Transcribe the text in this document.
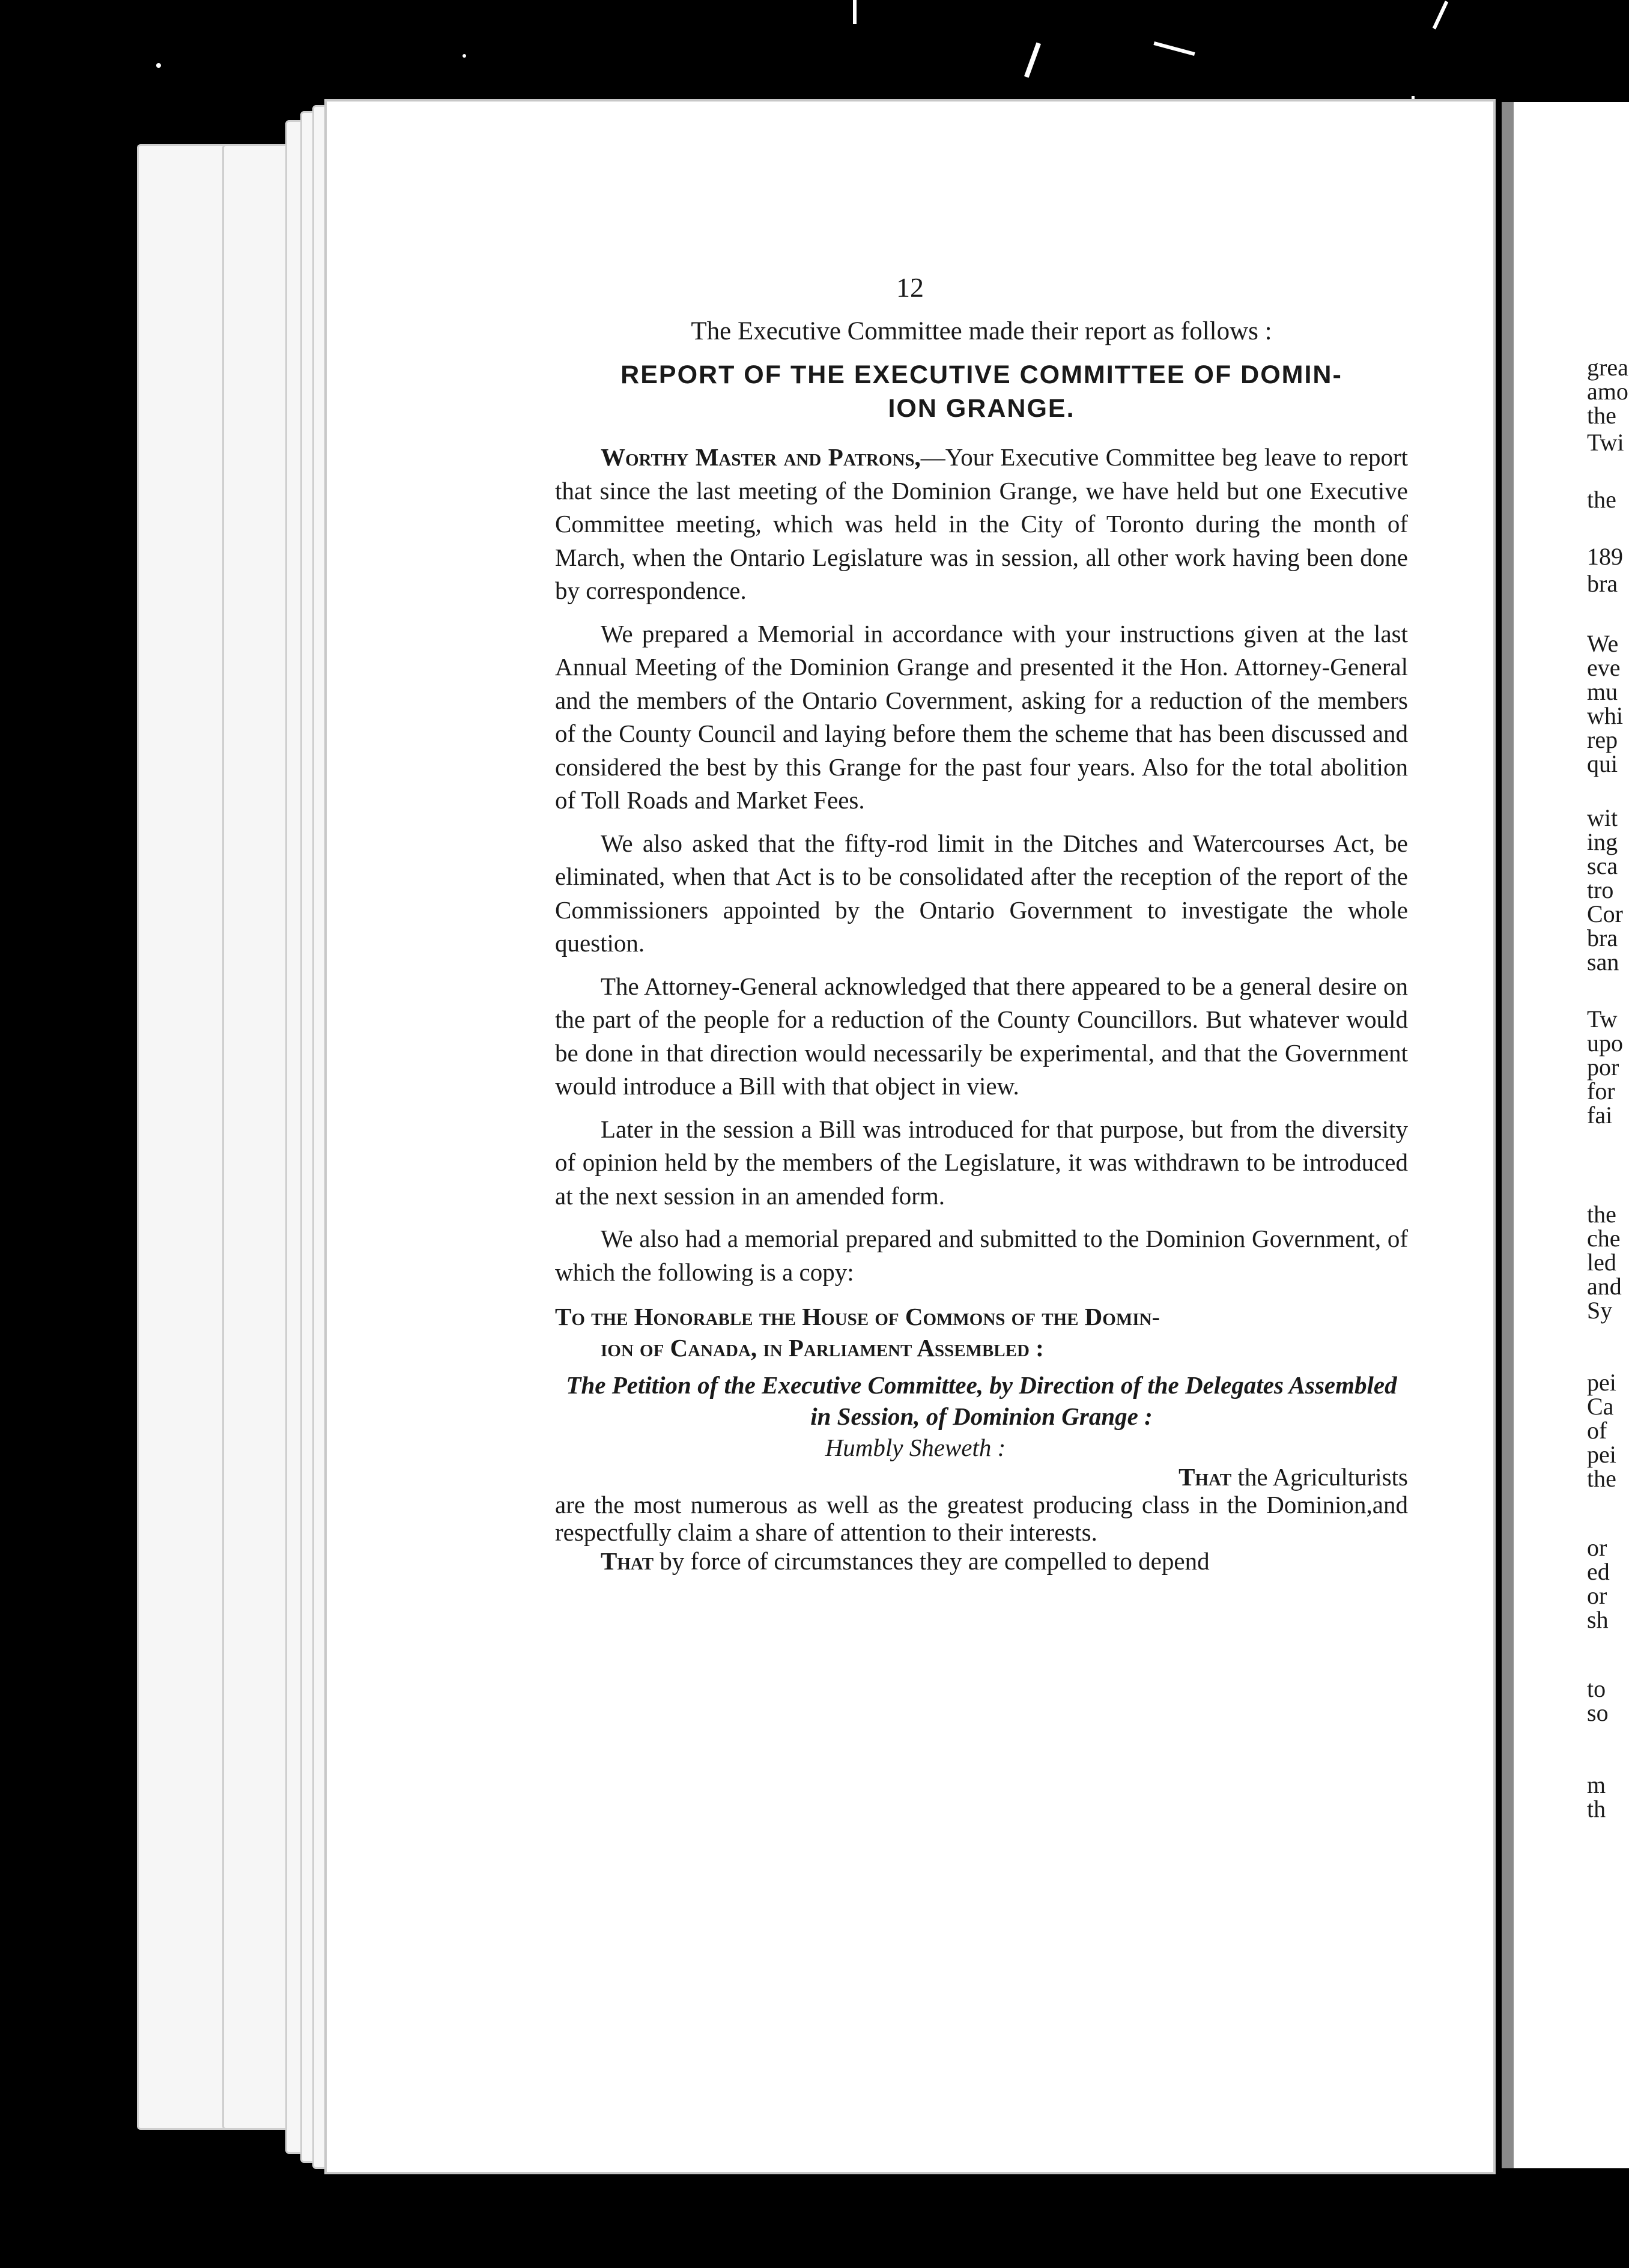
12

The Executive Committee made their report as follows :

REPORT OF THE EXECUTIVE COMMITTEE OF DOMIN-
ION GRANGE.

Worthy Master and Patrons,—Your Executive Committee beg leave to report that since the last meeting of the Dominion Grange, we have held but one Executive Committee meeting, which was held in the City of Toronto during the month of March, when the Ontario Legislature was in session, all other work having been done by correspondence.

We prepared a Memorial in accordance with your instructions given at the last Annual Meeting of the Dominion Grange and presented it the Hon. Attorney-General and the members of the Ontario Covernment, asking for a reduction of the members of the County Council and laying before them the scheme that has been discussed and considered the best by this Grange for the past four years. Also for the total abolition of Toll Roads and Market Fees.

We also asked that the fifty-rod limit in the Ditches and Watercourses Act, be eliminated, when that Act is to be consolidated after the reception of the report of the Commissioners appointed by the Ontario Government to investigate the whole question.

The Attorney-General acknowledged that there appeared to be a general desire on the part of the people for a reduction of the County Councillors. But whatever would be done in that direction would necessarily be experimental, and that the Government would introduce a Bill with that object in view.

Later in the session a Bill was introduced for that purpose, but from the diversity of opinion held by the members of the Legislature, it was withdrawn to be introduced at the next session in an amended form.

We also had a memorial prepared and submitted to the Dominion Government, of which the following is a copy:

To the Honorable the House of Commons of the Domin-
ion of Canada, in Parliament Assembled :

The Petition of the Executive Committee, by Direction of the Delegates Assembled in Session, of Dominion Grange :

Humbly Sheweth :

That the Agriculturists

are the most numerous as well as the greatest producing class in the Dominion,and respectfully claim a share of attention to their interests.

That by force of circumstances they are compelled to depend

grea
amo
the
Twi
the
189
bra
We
eve
mu
whi
rep
qui
wit
ing
sca
tro
Cor
bra
san
Tw
upo
por
for
fai
the
che
led
and
Sy
pei
Ca
of
pei
the
or
ed
or
sh
to
so
m
th
